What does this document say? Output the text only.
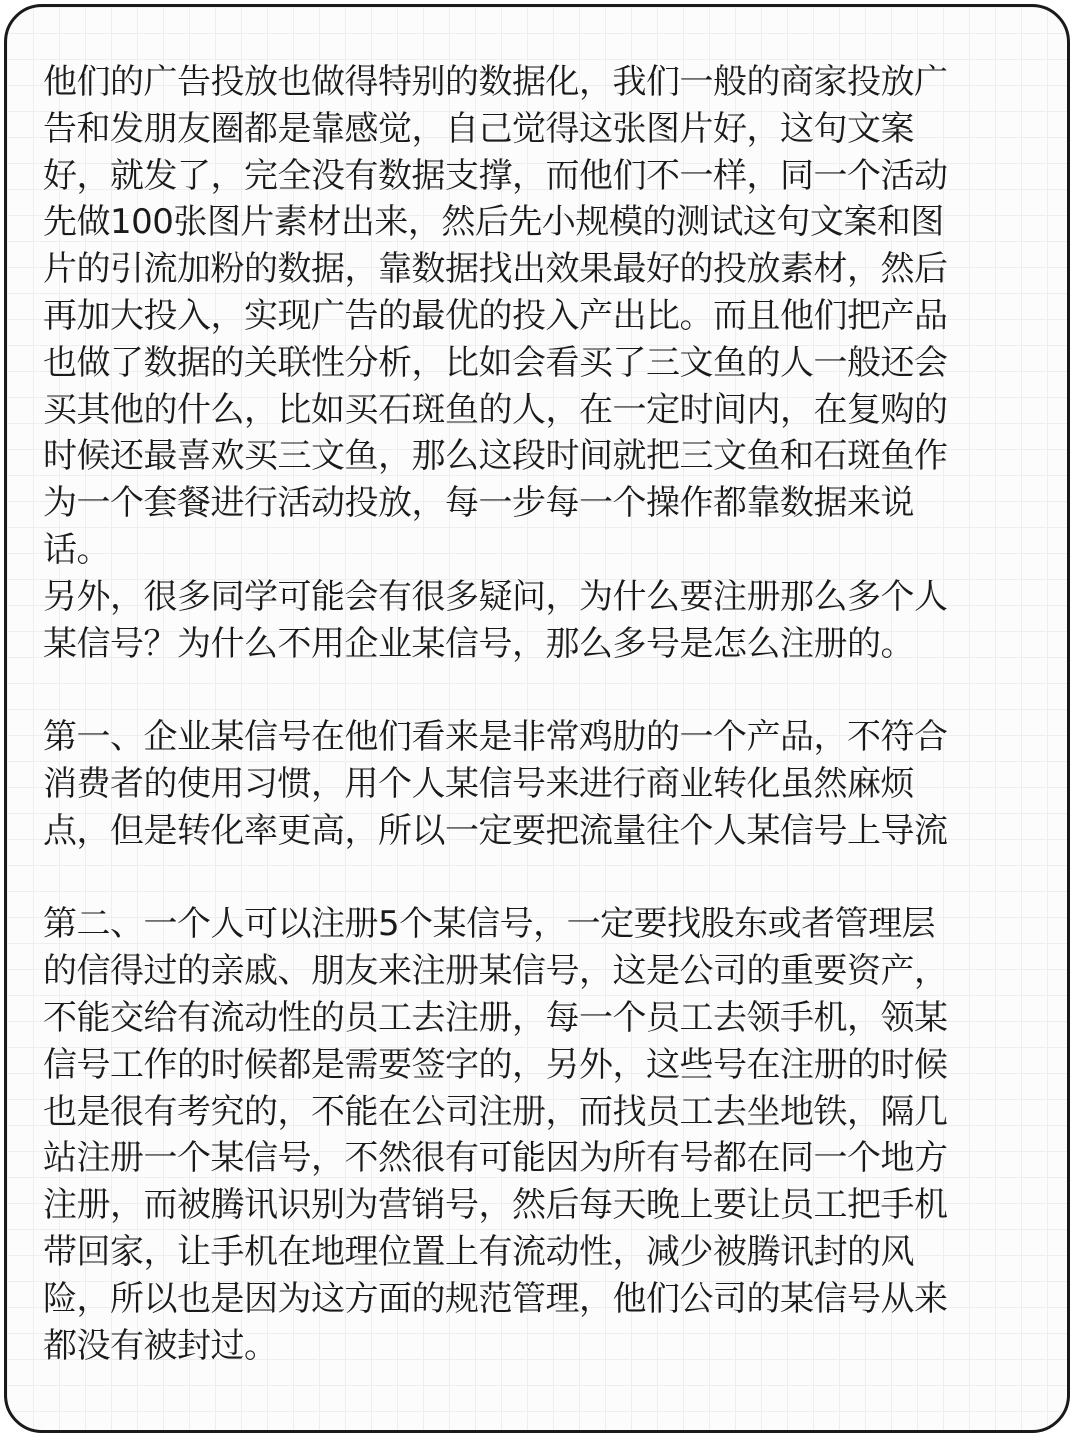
他们的广告投放也做得特别的数据化，我们一般的商家投放广
告和发朋友圈都是靠感觉，自己觉得这张图片好，这句文案
好，就发了，完全没有数据支撑，而他们不一样，同一个活动
先做100张图片素材出来，然后先小规模的测试这句文案和图
片的引流加粉的数据，靠数据找出效果最好的投放素材，然后
再加大投入，实现广告的最优的投入产出比。而且他们把产品
也做了数据的关联性分析，比如会看买了三文鱼的人一般还会
买其他的什么，比如买石斑鱼的人，在一定时间内，在复购的
时候还最喜欢买三文鱼，那么这段时间就把三文鱼和石斑鱼作
为一个套餐进行活动投放，每一步每一个操作都靠数据来说
话。
另外，很多同学可能会有很多疑问，为什么要注册那么多个人
某信号？为什么不用企业某信号，那么多号是怎么注册的。
第一、企业某信号在他们看来是非常鸡肋的一个产品，不符合
消费者的使用习惯，用个人某信号来进行商业转化虽然麻烦
点，但是转化率更高，所以一定要把流量往个人某信号上导流
第二、一个人可以注册5个某信号，一定要找股东或者管理层
的信得过的亲戚、朋友来注册某信号，这是公司的重要资产，
不能交给有流动性的员工去注册，每一个员工去领手机，领某
信号工作的时候都是需要签字的，另外，这些号在注册的时候
也是很有考究的，不能在公司注册，而找员工去坐地铁，隔几
站注册一个某信号，不然很有可能因为所有号都在同一个地方
注册，而被腾讯识别为营销号，然后每天晚上要让员工把手机
带回家，让手机在地理位置上有流动性，减少被腾讯封的风
险，所以也是因为这方面的规范管理，他们公司的某信号从来
都没有被封过。
